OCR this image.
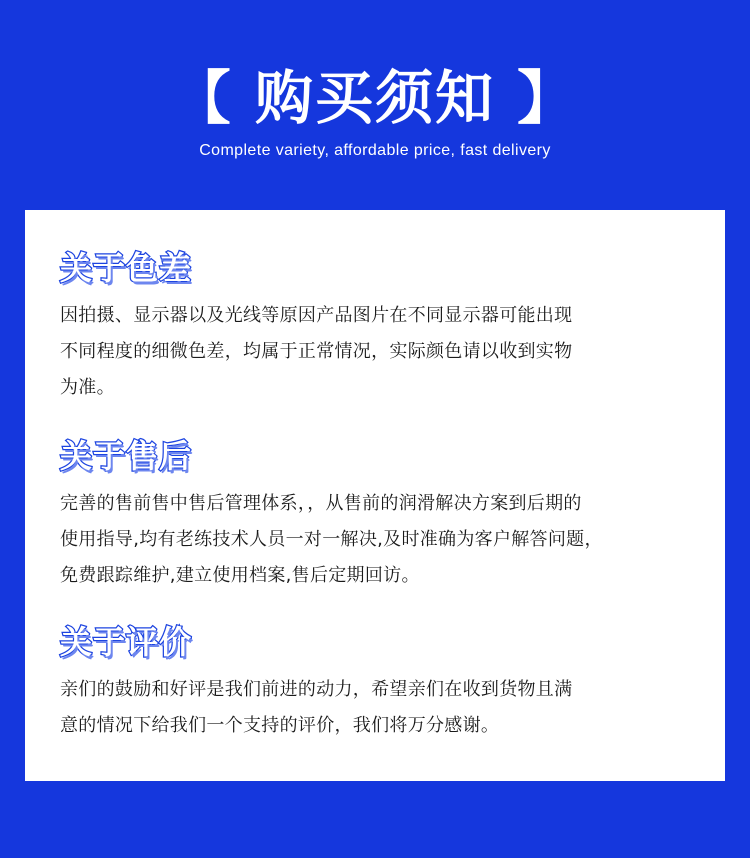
【 购买须知 】
Complete variety, affordable price, fast delivery
关于色差

因拍摄、显示器以及光线等原因产品图片在不同显示器可能出现

不同程度的细微色差，均属于正常情况，实际颜色请以收到实物

为准。

关于售后

完善的售前售中售后管理体系，，从售前的润滑解决方案到后期的

使用指导,均有老练技术人员一对一解决,及时准确为客户解答问题，

免费跟踪维护,建立使用档案,售后定期回访。

关于评价

亲们的鼓励和好评是我们前进的动力，希望亲们在收到货物且满

意的情况下给我们一个支持的评价，我们将万分感谢。
